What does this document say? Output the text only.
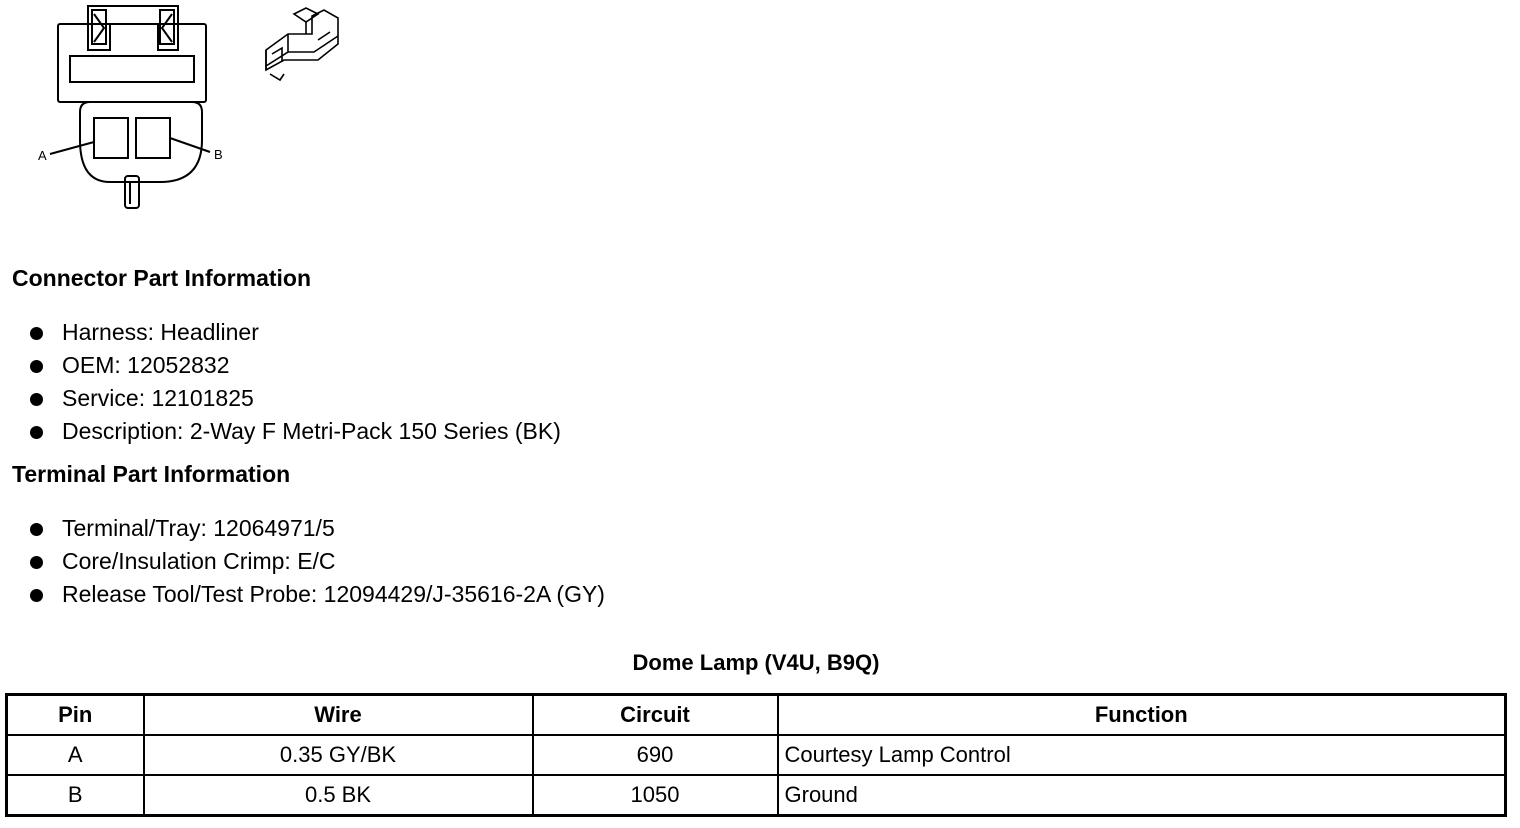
A	B
Connector Part Information
Harness: Headliner
OEM: 12052832
Service: 12101825
Description: 2-Way F Metri-Pack 150 Series (BK)
Terminal Part Information
Terminal/Tray: 12064971/5
Core/Insulation Crimp: E/C
Release Tool/Test Probe: 12094429/J-35616-2A (GY)
Dome Lamp (V4U, B9Q)
Pin	Wire	Circuit	Function
A	0.35 GY/BK	690	Courtesy Lamp Control
B	0.5 BK	1050	Ground
